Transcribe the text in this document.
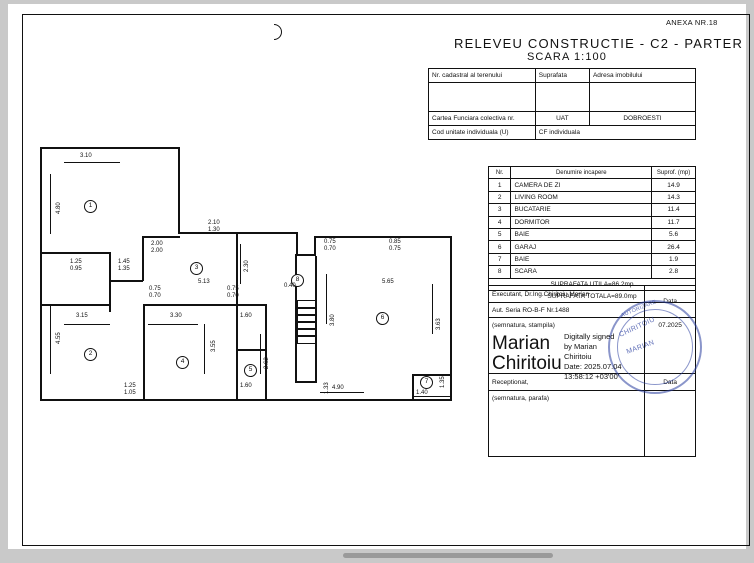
ANEXA NR.18
RELEVEU CONSTRUCTIE - C2 - PARTER
SCARA 1:100
Nr. cadastral al terenului	Suprafata	Adresa imobilului

Cartea Funciara colectiva nr.	UAT	DOBROESTI
Cod unitate individuala (U)	CF individuala	
Nr.	Denumire incapere	Suprof. (mp)
1	CAMERA DE ZI	14.9
2	LIVING ROOM	14.3
3	BUCATARIE	11.4
4	DORMITOR	11.7
5	BAIE	5.6
6	GARAJ	26.4
7	BAIE	1.9
8	SCARA	2.8
SUPRAFATA UTILA=86.2mp		
SUPRAFATA TOTALA=89.0mp		
Executant, Dr.Ing.Chiritoiu Marian	Data
Aut. Seria RO-B-F Nr.1488	
(semnatura, stampila)	07.2025
Receptionat,	Data
(semnatura, parafa)	
AUTORIZARE
MARIAN
CHIRITOIU
Marian
Chiritoiu
Digitally signed
by Marian
Chiritoiu
Date: 2025.07.04
13:58:12 +03'00'
1
2
3
4
5
6
7
8
3.10
4.80
4.55
3.15
1.25
0.95
1.45
1.35
0.75
0.70
2.10
1.30
2.00
2.00
2.30
5.13
3.30
3.55
0.75
0.70
1.60
2.62
1.60
1.25
1.05
0.40
1.33 4.90
3.80
0.75
0.70
0.85
0.75
5.65
3.63
1.35
1.40
